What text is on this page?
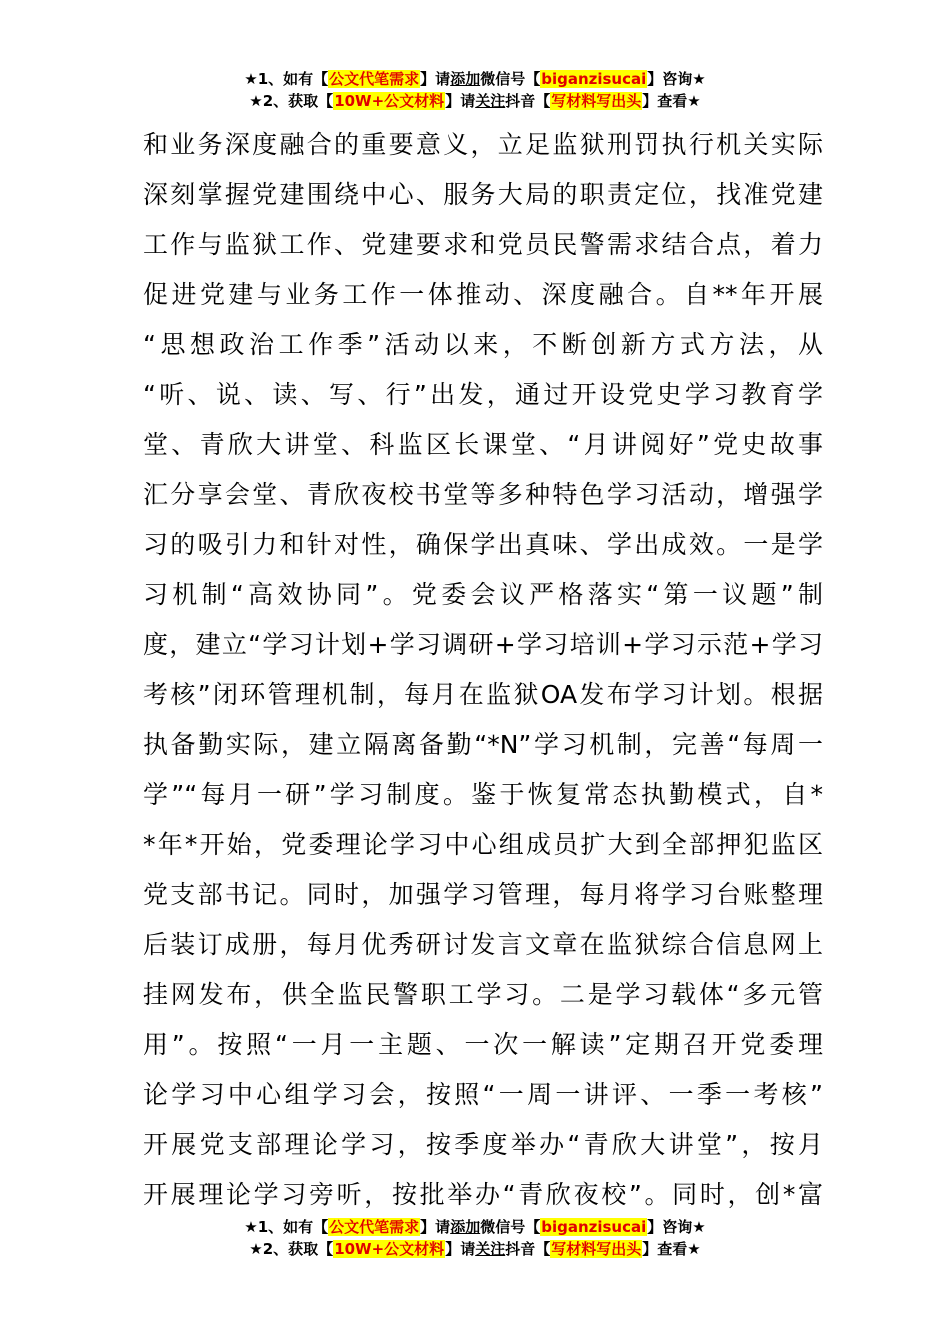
★1、如有【公文代笔需求】请添加微信号【biganzisucai】咨询★
★2、获取【10W+公文材料】请关注抖音【写材料写出头】查看★
和业务深度融合的重要意义，立足监狱刑罚执行机关实际
深刻掌握党建围绕中心、服务大局的职责定位，找准党建
工作与监狱工作、党建要求和党员民警需求结合点，着力
促进党建与业务工作一体推动、深度融合。自**年开展
“思想政治工作季”活动以来，不断创新方式方法，从
“听、说、读、写、行”出发，通过开设党史学习教育学
堂、青欣大讲堂、科监区长课堂、“月讲阅好”党史故事
汇分享会堂、青欣夜校书堂等多种特色学习活动，增强学
习的吸引力和针对性，确保学出真味、学出成效。一是学
习机制“高效协同”。党委会议严格落实“第一议题”制
度，建立“学习计划+学习调研+学习培训+学习示范+学习
考核”闭环管理机制，每月在监狱OA发布学习计划。根据
执备勤实际，建立隔离备勤“*N”学习机制，完善“每周一
学”“每月一研”学习制度。鉴于恢复常态执勤模式，自*
*年*开始，党委理论学习中心组成员扩大到全部押犯监区
党支部书记。同时，加强学习管理，每月将学习台账整理
后装订成册，每月优秀研讨发言文章在监狱综合信息网上
挂网发布，供全监民警职工学习。二是学习载体“多元管
用”。按照“一月一主题、一次一解读”定期召开党委理
论学习中心组学习会，按照“一周一讲评、一季一考核”
开展党支部理论学习，按季度举办“青欣大讲堂”，按月
开展理论学习旁听，按批举办“青欣夜校”。同时，创*富
★1、如有【公文代笔需求】请添加微信号【biganzisucai】咨询★
★2、获取【10W+公文材料】请关注抖音【写材料写出头】查看★
